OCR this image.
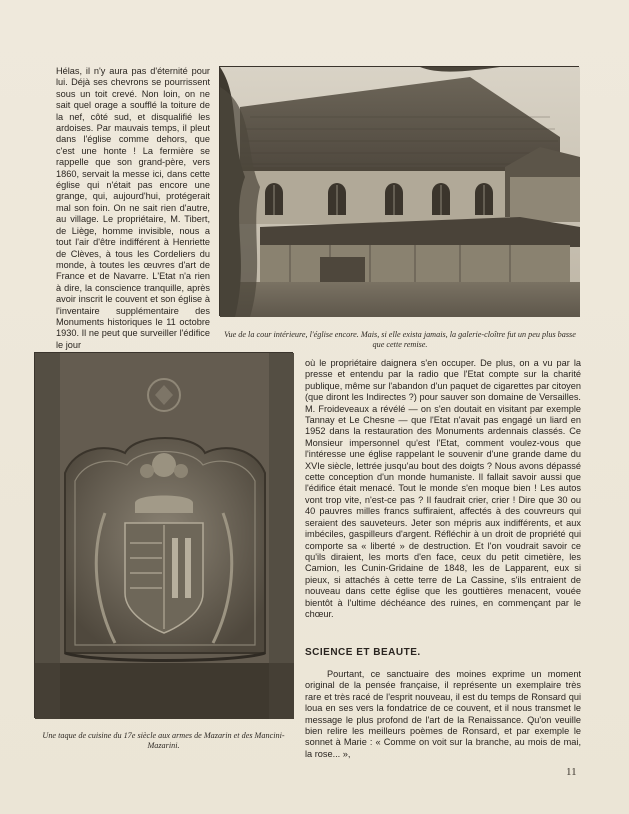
Hélas, il n'y aura pas d'éternité pour lui. Déjà ses chevrons se pourrissent sous un toit crevé. Non loin, on ne sait quel orage a soufflé la toiture de la nef, côté sud, et disqualifié les ardoises. Par mauvais temps, il pleut dans l'église comme dehors, que c'est une honte ! La fermière se rappelle que son grand-père, vers 1860, servait la messe ici, dans cette église qui n'était pas encore une grange, qui, aujourd'hui, protégerait mal son foin. On ne sait rien d'autre, au village. Le propriétaire, M. Tibert, de Liège, homme invisible, nous a tout l'air d'être indifférent à Henriette de Clèves, à tous les Cordeliers du monde, à toutes les œuvres d'art de France et de Navarre. L'Etat n'a rien à dire, la conscience tranquille, après avoir inscrit le couvent et son église à l'inventaire supplémentaire des Monuments historiques le 11 octobre 1930. Il ne peut que surveiller l'édifice le jour

Vue de la cour intérieure, l'église encore. Mais, si elle exista jamais, la galerie-cloître fut un peu plus basse que cette remise.
Une taque de cuisine du 17e siècle aux armes de Mazarin et des Mancini-Mazarini.

où le propriétaire daignera s'en occuper. De plus, on a vu par la presse et entendu par la radio que l'Etat compte sur la charité publique, même sur l'abandon d'un paquet de cigarettes par citoyen (que diront les Indirectes ?) pour sauver son domaine de Versailles. M. Froideveaux a révélé — on s'en doutait en visitant par exemple Tannay et Le Chesne — que l'Etat n'avait pas engagé un liard en 1952 dans la restauration des Monuments ardennais classés. Ce Monsieur impersonnel qu'est l'Etat, comment voulez-vous que l'intéresse une église rappelant le souvenir d'une grande dame du XVIe siècle, lettrée jusqu'au bout des doigts ? Nous avons dépassé cette conception d'un monde humaniste. Il fallait savoir aussi que l'édifice était menacé. Tout le monde s'en moque bien ! Les autos vont trop vite, n'est-ce pas ? Il faudrait crier, crier ! Dire que 30 ou 40 pauvres milles francs suffiraient, affectés à des couvreurs qui seraient des sauveteurs. Jeter son mépris aux indifférents, et aux imbéciles, gaspilleurs d'argent. Réfléchir à un droit de propriété qui comporte sa « liberté » de destruction. Et l'on voudrait savoir ce qu'ils diraient, les morts d'en face, ceux du petit cimetière, les Camion, les Cunin-Gridaine de 1848, les de Lapparent, eux si pieux, si attachés à cette terre de La Cassine, s'ils entraient de nouveau dans cette église que les gouttières menacent, vouée bientôt à l'ultime déchéance des ruines, en commençant par le chœur.

SCIENCE ET BEAUTE.

Pourtant, ce sanctuaire des moines exprime un moment original de la pensée française, il représente un exemplaire très rare et très racé de l'esprit nouveau, il est du temps de Ronsard qui loua en ses vers la fondatrice de ce couvent, et il nous transmet le message le plus profond de l'art de la Renaissance. Qu'on veuille bien relire les meilleurs poèmes de Ronsard, et par exemple le sonnet à Marie : « Comme on voit sur la branche, au mois de mai, la rose... »,

11
